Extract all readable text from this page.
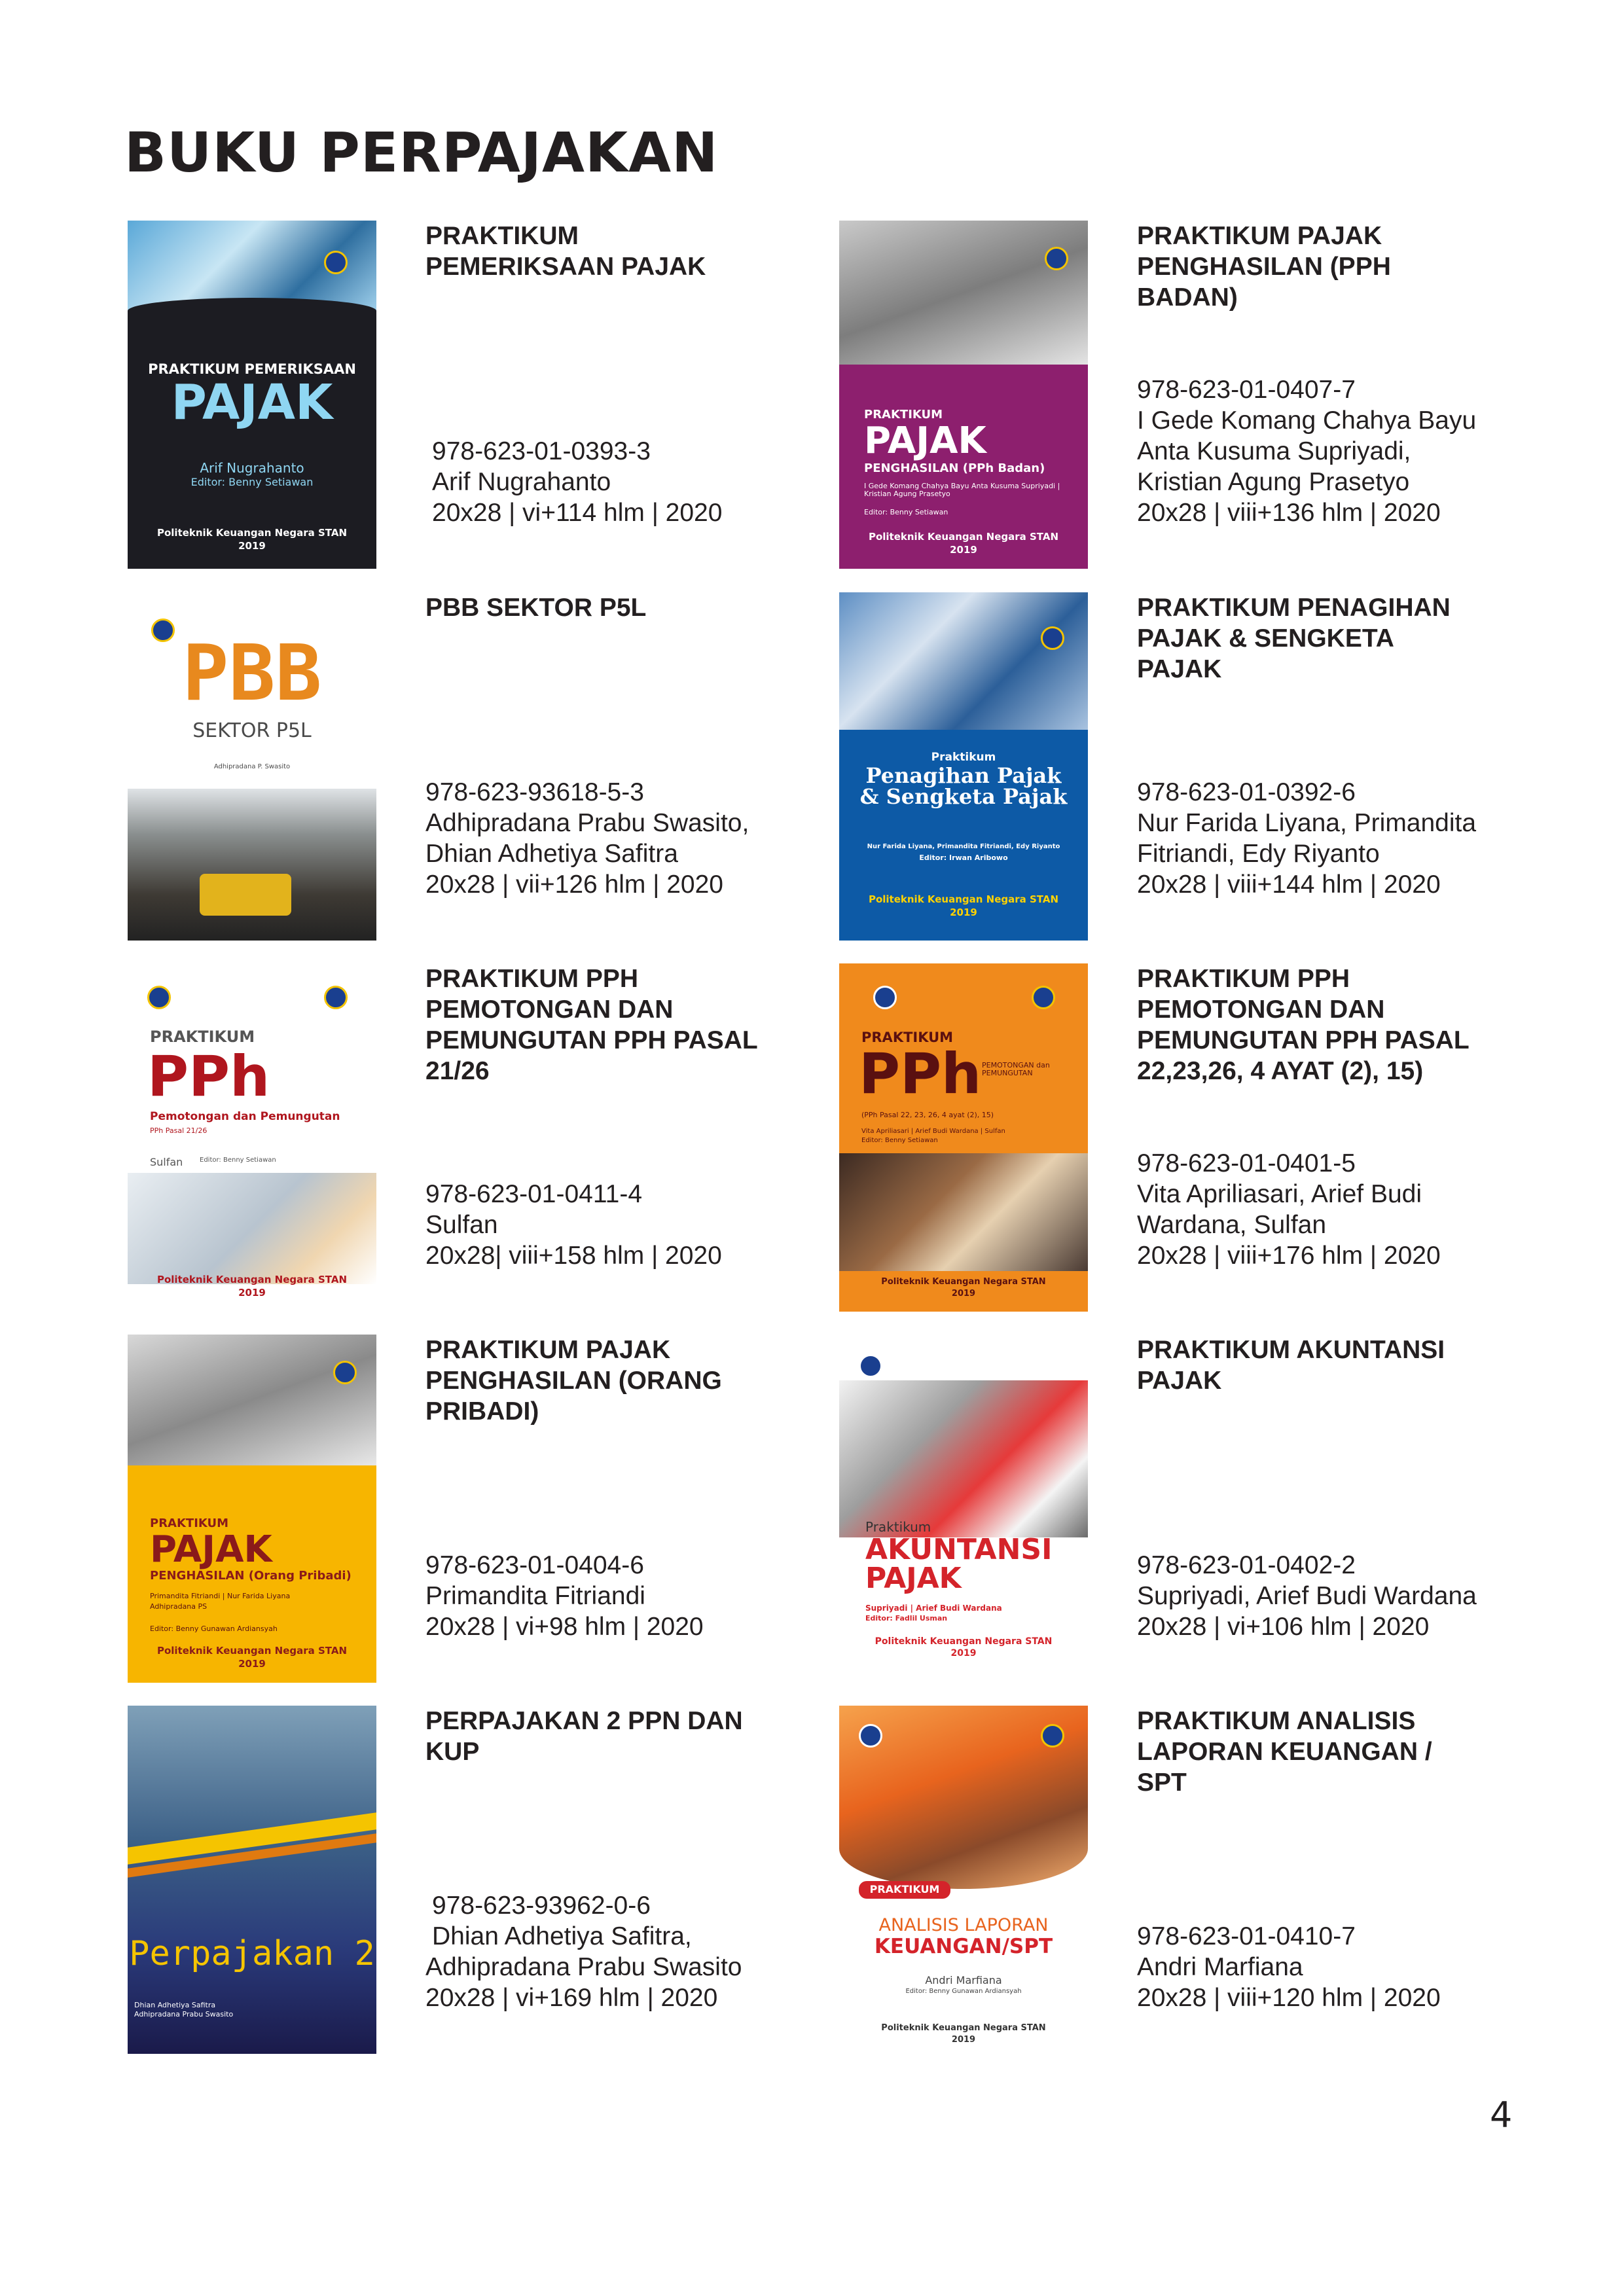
BUKU PERPAJAKAN
PRAKTIKUM PEMERIKSAAN
PAJAK
Arif Nugrahanto
Editor: Benny Setiawan
Politeknik Keuangan Negara STAN
2019

PRAKTIKUM
PEMERIKSAAN PAJAK

978-623-01-0393-3
Arif Nugrahanto
20x28 | vi+114 hlm | 2020
PRAKTIKUM
PAJAK
PENGHASILAN (PPh Badan)
I Gede Komang Chahya Bayu Anta Kusuma Supriyadi | Kristian Agung Prasetyo
Editor: Benny Setiawan
Politeknik Keuangan Negara STAN
2019

PRAKTIKUM PAJAK
PENGHASILAN (PPH
BADAN)

978-623-01-0407-7
I Gede Komang Chahya Bayu
Anta Kusuma Supriyadi,
Kristian Agung Prasetyo
20x28 | viii+136 hlm | 2020
PBB
SEKTOR P5L
Adhipradana P. Swasito

PBB SEKTOR P5L

978-623-93618-5-3
Adhipradana Prabu Swasito,
Dhian Adhetiya Safitra
20x28 | vii+126 hlm | 2020
Praktikum
Penagihan Pajak
& Sengketa Pajak
Nur Farida Liyana, Primandita Fitriandi, Edy Riyanto
Editor: Irwan Aribowo
Politeknik Keuangan Negara STAN
2019

PRAKTIKUM PENAGIHAN
PAJAK & SENGKETA
PAJAK

978-623-01-0392-6
Nur Farida Liyana, Primandita
Fitriandi, Edy Riyanto
20x28 | viii+144 hlm | 2020
PRAKTIKUM
PPh
Pemotongan dan Pemungutan
PPh Pasal 21/26
Sulfan	Editor: Benny Setiawan
Politeknik Keuangan Negara STAN
2019

PRAKTIKUM PPH
PEMOTONGAN DAN
PEMUNGUTAN PPH PASAL
21/26

978-623-01-0411-4
Sulfan
20x28| viii+158 hlm | 2020
PRAKTIKUM
PPh PEMOTONGAN dan PEMUNGUTAN
(PPh Pasal 22, 23, 26, 4 ayat (2), 15)
Vita Apriliasari | Arief Budi Wardana | Sulfan
Editor: Benny Setiawan
Politeknik Keuangan Negara STAN
2019

PRAKTIKUM PPH
PEMOTONGAN DAN
PEMUNGUTAN PPH PASAL
22,23,26, 4 AYAT (2), 15)

978-623-01-0401-5
Vita Apriliasari, Arief Budi
Wardana, Sulfan
20x28 | viii+176 hlm | 2020
PRAKTIKUM
PAJAK
PENGHASILAN (Orang Pribadi)
Primandita Fitriandi | Nur Farida Liyana
Adhipradana PS
Editor: Benny Gunawan Ardiansyah
Politeknik Keuangan Negara STAN
2019

PRAKTIKUM PAJAK
PENGHASILAN (ORANG
PRIBADI)

978-623-01-0404-6
Primandita Fitriandi
20x28 | vi+98 hlm | 2020
Praktikum
AKUNTANSI
PAJAK
Supriyadi | Arief Budi Wardana
Editor: Fadlil Usman
Politeknik Keuangan Negara STAN
2019

PRAKTIKUM AKUNTANSI
PAJAK

978-623-01-0402-2
Supriyadi, Arief Budi Wardana
20x28 | vi+106 hlm | 2020
Perpajakan 2
Dhian Adhetiya Safitra
Adhipradana Prabu Swasito

PERPAJAKAN 2 PPN DAN
KUP

978-623-93962-0-6
Dhian Adhetiya Safitra,
Adhipradana Prabu Swasito
20x28 | vi+169 hlm | 2020
PRAKTIKUM
ANALISIS LAPORAN
KEUANGAN/SPT
Andri Marfiana
Editor: Benny Gunawan Ardiansyah
Politeknik Keuangan Negara STAN
2019

PRAKTIKUM ANALISIS
LAPORAN KEUANGAN /
SPT

978-623-01-0410-7
Andri Marfiana
20x28 | viii+120 hlm | 2020
4
